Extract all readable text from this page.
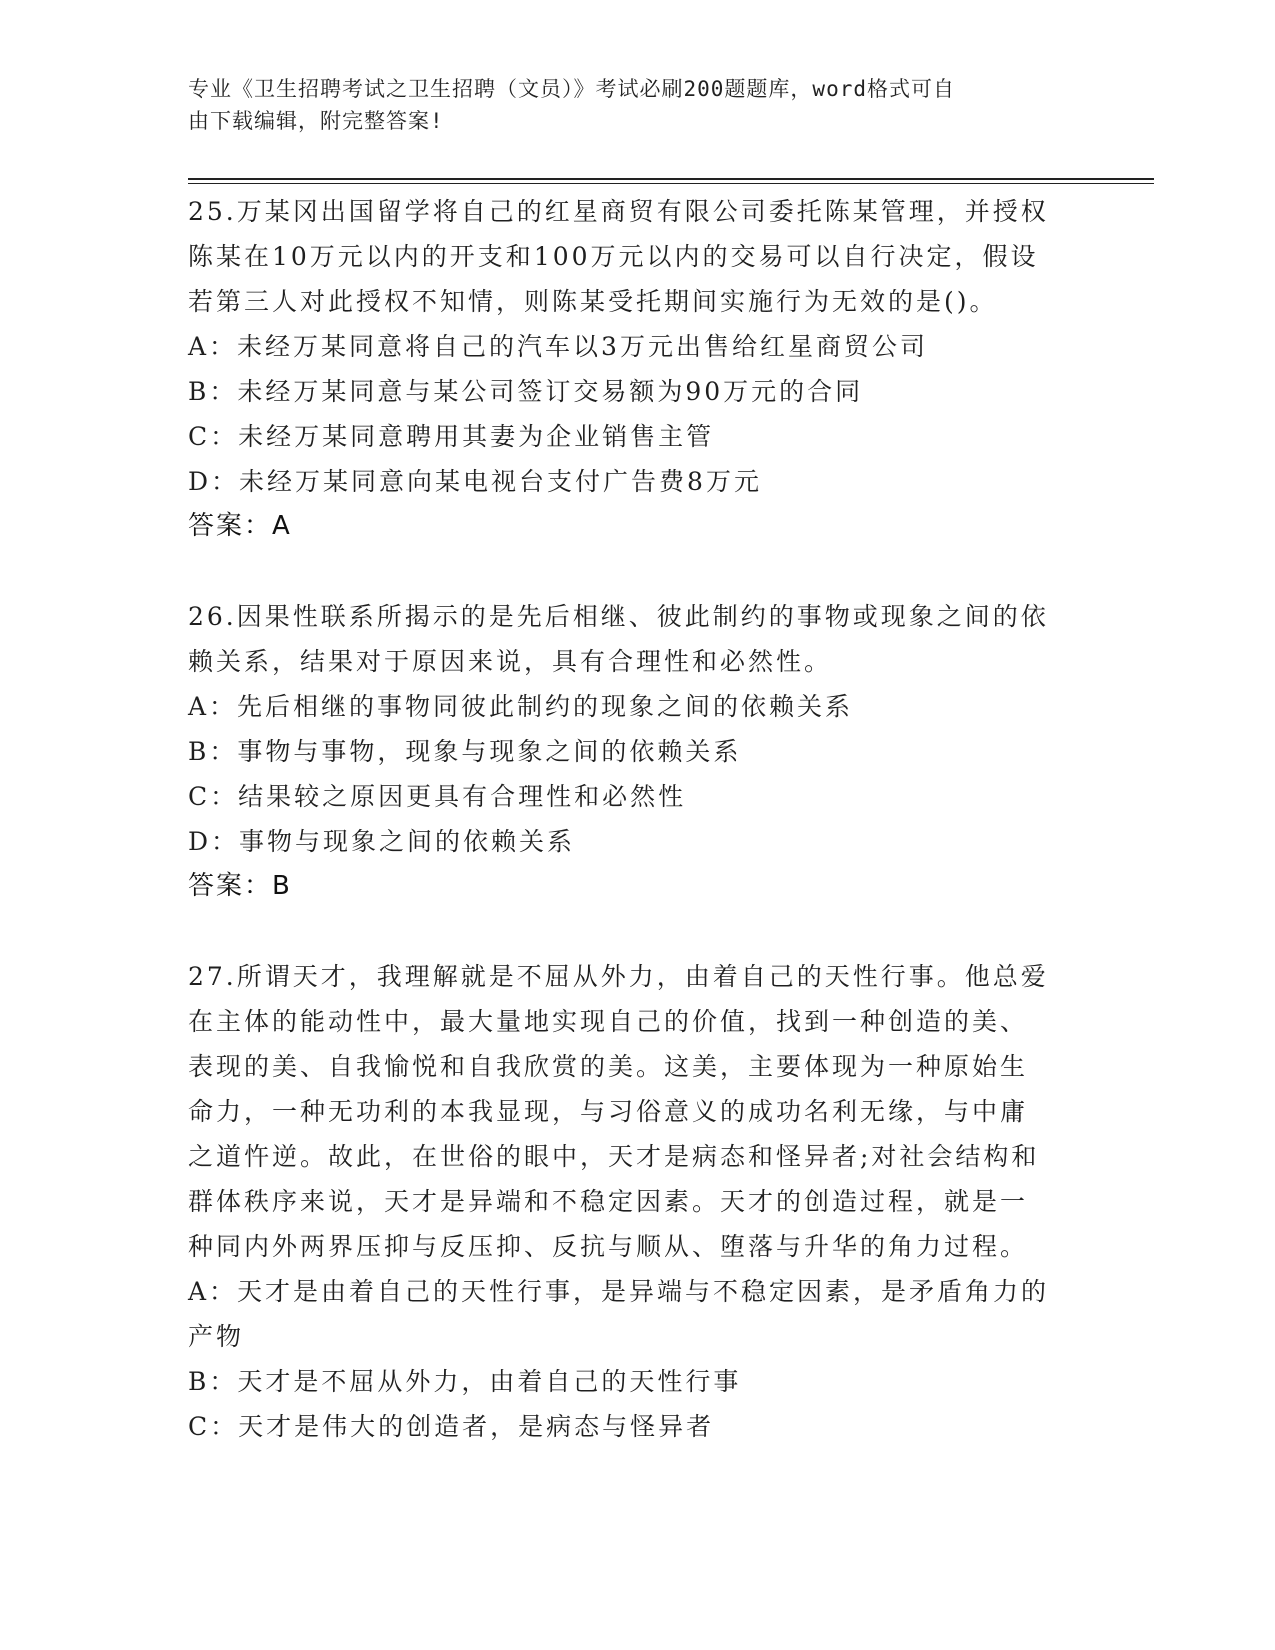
专业《卫生招聘考试之卫生招聘（文员）》考试必刷200题题库，word格式可自
由下载编辑，附完整答案!
25.万某冈出国留学将自己的红星商贸有限公司委托陈某管理，并授权
陈某在10万元以内的开支和100万元以内的交易可以自行决定，假设
若第三人对此授权不知情，则陈某受托期间实施行为无效的是()。
A：未经万某同意将自己的汽车以3万元出售给红星商贸公司
B：未经万某同意与某公司签订交易额为90万元的合同
C：未经万某同意聘用其妻为企业销售主管
D：未经万某同意向某电视台支付广告费8万元
答案：A
26.因果性联系所揭示的是先后相继、彼此制约的事物或现象之间的依
赖关系，结果对于原因来说，具有合理性和必然性。
A：先后相继的事物同彼此制约的现象之间的依赖关系
B：事物与事物，现象与现象之间的依赖关系
C：结果较之原因更具有合理性和必然性
D：事物与现象之间的依赖关系
答案：B
27.所谓天才，我理解就是不屈从外力，由着自己的天性行事。他总爱
在主体的能动性中，最大量地实现自己的价值，找到一种创造的美、
表现的美、自我愉悦和自我欣赏的美。这美，主要体现为一种原始生
命力，一种无功利的本我显现，与习俗意义的成功名利无缘，与中庸
之道忤逆。故此，在世俗的眼中，天才是病态和怪异者;对社会结构和
群体秩序来说，天才是异端和不稳定因素。天才的创造过程，就是一
种同内外两界压抑与反压抑、反抗与顺从、堕落与升华的角力过程。
A：天才是由着自己的天性行事，是异端与不稳定因素，是矛盾角力的
产物
B：天才是不屈从外力，由着自己的天性行事
C：天才是伟大的创造者，是病态与怪异者
